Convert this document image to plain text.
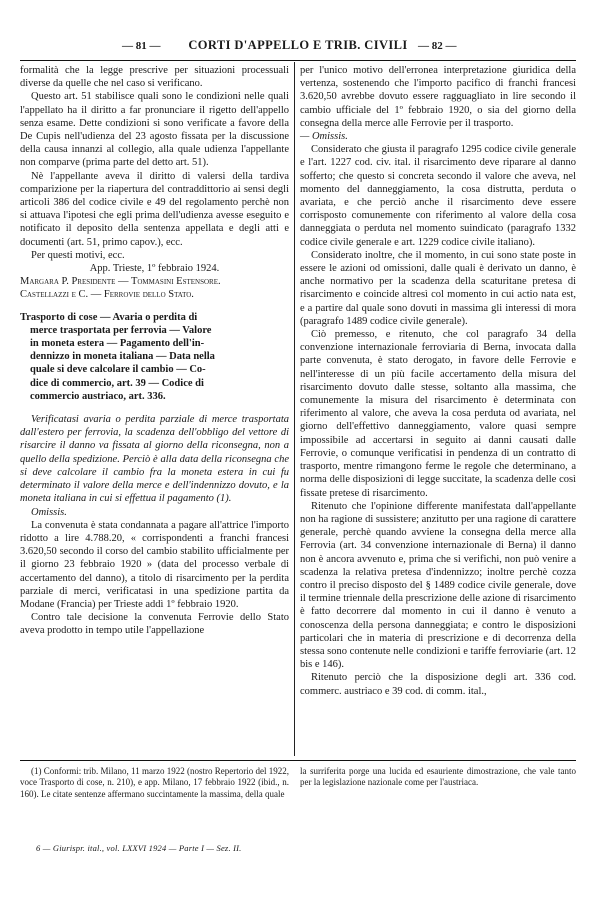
— 81 —	CORTI D'APPELLO E TRIB. CIVILI — 82 —

formalità che la legge prescrive per situazioni processuali diverse da quelle che nel caso si verificano.

Questo art. 51 stabilisce quali sono le condizioni nelle quali l'appellato ha il diritto a far pronunciare il rigetto dell'appello senza esame. Dette condizioni si sono verificate a favore della De Cupis nell'udienza del 23 agosto fissata per la discussione della causa innanzi al collegio, alla quale udienza l'appellante non comparve (prima parte del detto art. 51).

Nè l'appellante aveva il diritto di valersi della tardiva comparizione per la riapertura del contraddittorio ai sensi degli articoli 386 del codice civile e 49 del regolamento perchè non si attuava l'ipotesi che egli prima dell'udienza avesse eseguito e notificato il deposito della sentenza appellata e degli atti e documenti (art. 51, primo capov.), ecc.

Per questi motivi, ecc.

App. Trieste, 1º febbraio 1924.

Margara P. Presidente — Tommasini Estensore.

Castellazzi e C. — Ferrovie dello Stato.

Trasporto di cose — Avaria o perdita di

merce trasportata per ferrovia — Valore

in moneta estera — Pagamento dell'in-

dennizzo in moneta italiana — Data nella

quale si deve calcolare il cambio — Co-

dice di commercio, art. 39 — Codice di

commercio austriaco, art. 336.

Verificatasi avaria o perdita parziale di merce trasportata dall'estero per ferrovia, la scadenza dell'obbligo del vettore di risarcire il danno va fissata al giorno della riconsegna, non a quello della spedizione. Perciò è alla data della riconsegna che si deve calcolare il cambio fra la moneta estera in cui fu determinato il valore della merce e dell'indennizzo dovuto, e la moneta italiana in cui si effettua il pagamento (1).

Omissis.

La convenuta è stata condannata a pagare all'attrice l'importo ridotto a lire 4.788.20, « corrispondenti a franchi francesi 3.620,50 secondo il corso del cambio stabilito ufficialmente per il giorno 23 febbraio 1920 » (data del processo verbale di accertamento del danno), a titolo di risarcimento per la perdita parziale di merci, verificatasi in una spedizione partita da Modane (Francia) per Trieste addì 1º febbraio 1920.

Contro tale decisione la convenuta Ferrovie dello Stato aveva prodotto in tempo utile l'appellazione

per l'unico motivo dell'erronea interpretazione giuridica della vertenza, sostenendo che l'importo pacifico di franchi francesi 3.620,50 avrebbe dovuto essere ragguagliato in lire secondo il cambio ufficiale del 1º febbraio 1920, o sia del giorno della consegna della merce alle Ferrovie per il trasporto.

— Omissis.

Considerato che giusta il paragrafo 1295 codice civile generale e l'art. 1227 cod. civ. ital. il risarcimento deve riparare al danno sofferto; che questo si concreta secondo il valore che aveva, nel momento del danneggiamento, la cosa distrutta, perduta o avariata, e che perciò anche il risarcimento deve essere corrisposto comunemente con riferimento al valore della cosa danneggiata o perduta nel momento suindicato (paragrafo 1332 codice civile generale e art. 1229 codice civile italiano).

Considerato inoltre, che il momento, in cui sono state poste in essere le azioni od omissioni, dalle quali è derivato un danno, è anche normativo per la scadenza della scaturitane pretesa di risarcimento e coincide altresì col momento in cui actio nata est, e a partire dal quale sono dovuti in massima gli interessi di mora (paragrafo 1489 codice civile generale).

Ciò premesso, e ritenuto, che col paragrafo 34 della convenzione internazionale ferroviaria di Berna, invocata dalla parte convenuta, è stato derogato, in favore delle Ferrovie e nell'interesse di un più facile accertamento della misura del risarcimento dovuto dalle stesse, soltanto alla massima, che comunemente la misura del risarcimento è determinata con riferimento al valore, che aveva la cosa perduta od avariata, nel giorno dell'effettivo danneggiamento, valore quasi sempre impossibile ad accertarsi in seguito ai danni causati dalle Ferrovie, o comunque verificatisi in pendenza di un contratto di trasporto, mentre rimangono ferme le regole che determinano, a norma delle disposizioni di legge succitate, la scadenza delle così fissate pretese di risarcimento.

Ritenuto che l'opinione differente manifestata dall'appellante non ha ragione di sussistere; anzitutto per una ragione di carattere generale, perchè quando avviene la consegna della merce alla Ferrovia (art. 34 convenzione internazionale di Berna) il danno non è ancora avvenuto e, prima che si verifichi, non può venire a scadenza la relativa pretesa d'indennizzo; inoltre perchè cozza contro il preciso disposto del § 1489 codice civile generale, dove il termine triennale della prescrizione delle azione di risarcimento è fatto decorrere dal momento in cui il danno è venuto a conoscenza della persona danneggiata; e contro le disposizioni particolari che in materia di prescrizione e di decorrenza della stessa sono contenute nelle condizioni e tariffe ferroviarie (art. 12 bis e 146).

Ritenuto perciò che la disposizione degli art. 336 cod. commerc. austriaco e 39 cod. di comm. ital.,

(1) Conformi: trib. Milano, 11 marzo 1922 (nostro Repertorio del 1922, voce Trasporto di cose, n. 210), e app. Milano, 17 febbraio 1922 (ibid., n. 160). Le citate sentenze affermano succintamente la massima, della quale

la surriferita porge una lucida ed esauriente dimostrazione, che vale tanto per la legislazione nazionale come per l'austriaca.

6 — Giurispr. ital., vol. LXXVI 1924 — Parte I — Sez. II.
